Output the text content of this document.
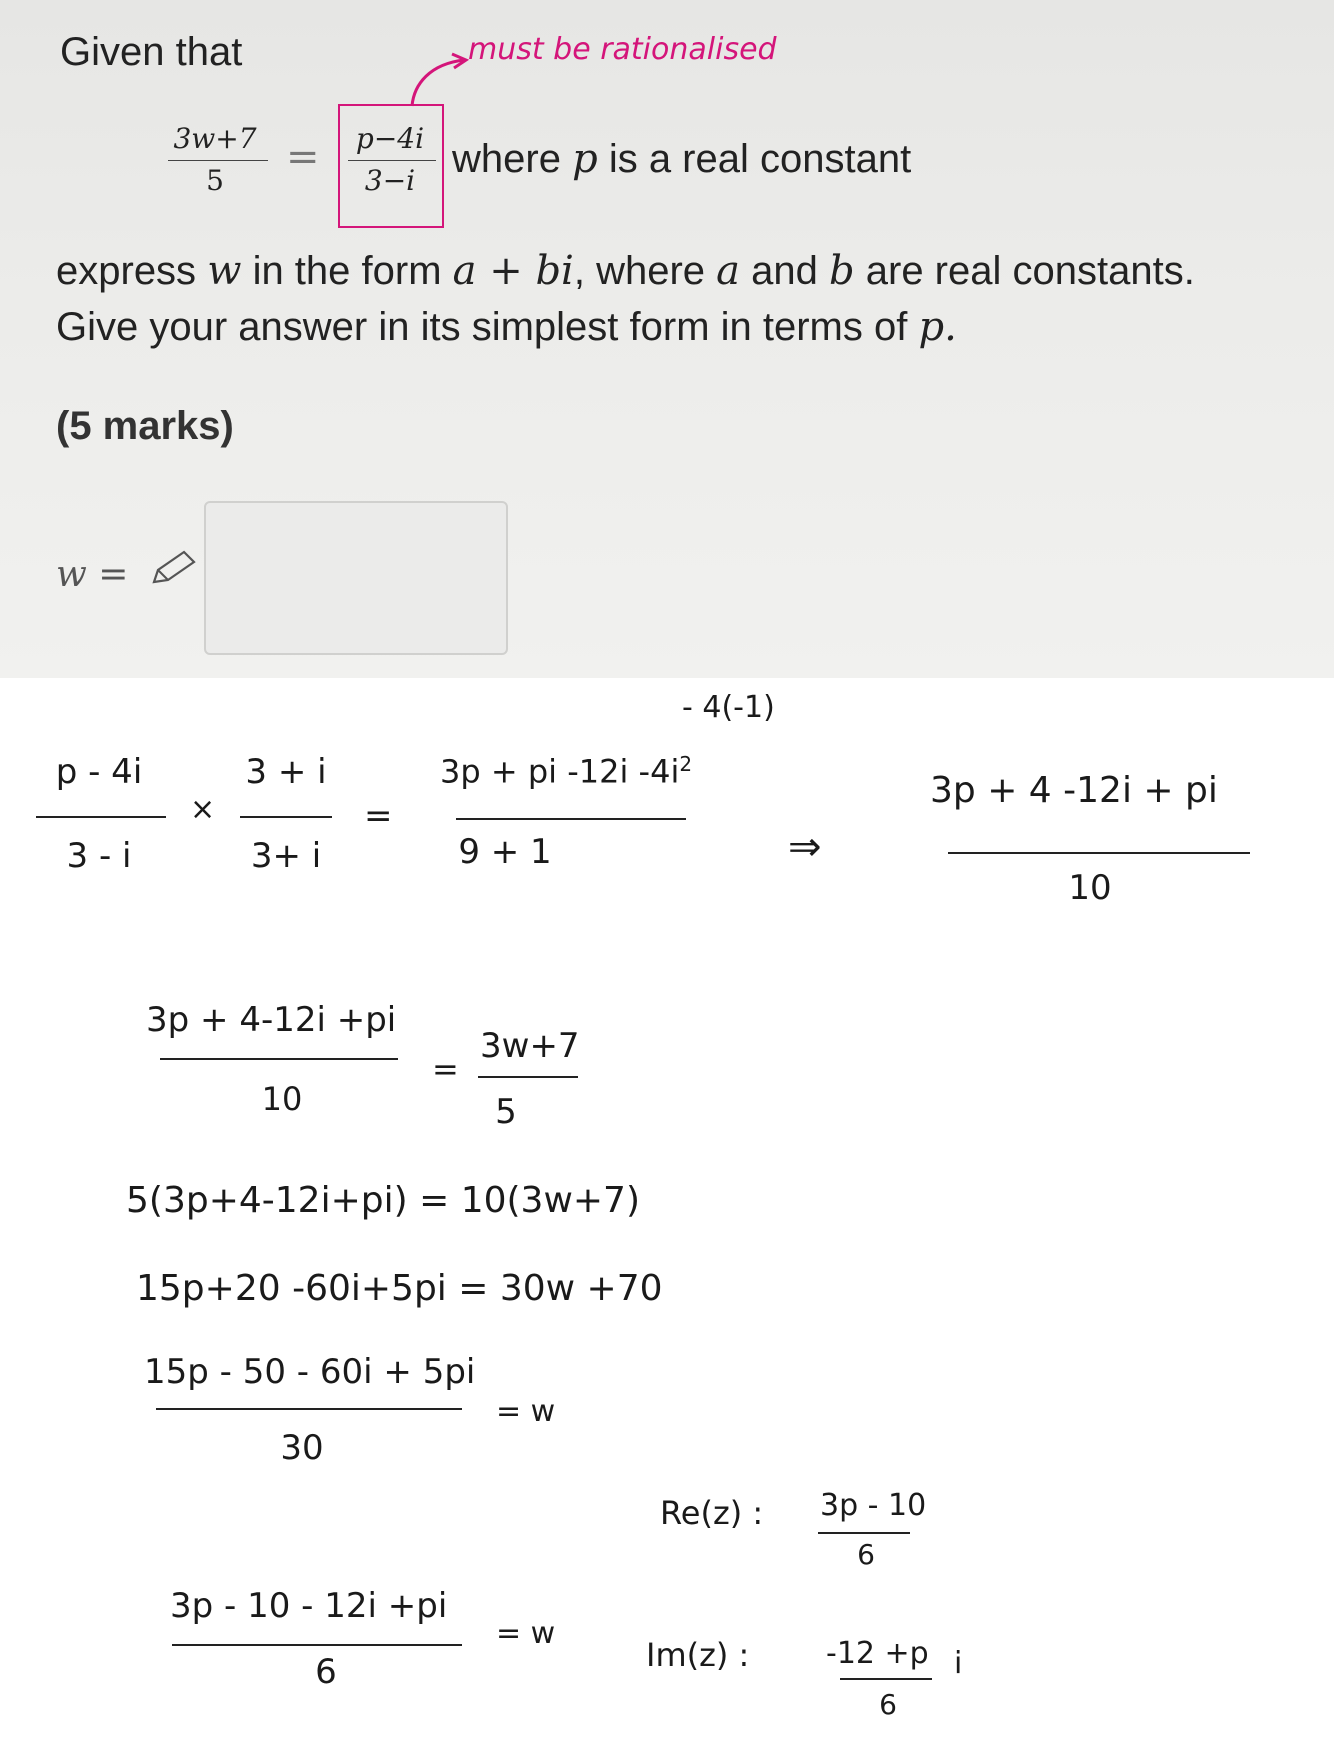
Given that	must be rationalised
3w+7
5
=	p−4i
3−i where p is a real constant
express w in the form a + bi, where a and b are real constants.
Give your answer in its simplest form in terms of p.
(5 marks)
w =
p - 4i
3 - i
×
3 + i
3+ i
=
- 4(-1)
3p + pi -12i $-4i^2$
9 + 1	⇒
3p + 4 -12i + pi
10
3p + 4-12i +pi
10
=
3w+7
5
5(3p+4-12i+pi) = 10(3w+7)
15p+20 -60i+5pi = 30w +70
15p - 50 - 60i + 5pi
30
= w
3p - 10 - 12i +pi
6
= w
Re(z) : 3p - 10
6
Im(z) :	-12 +p i
6
